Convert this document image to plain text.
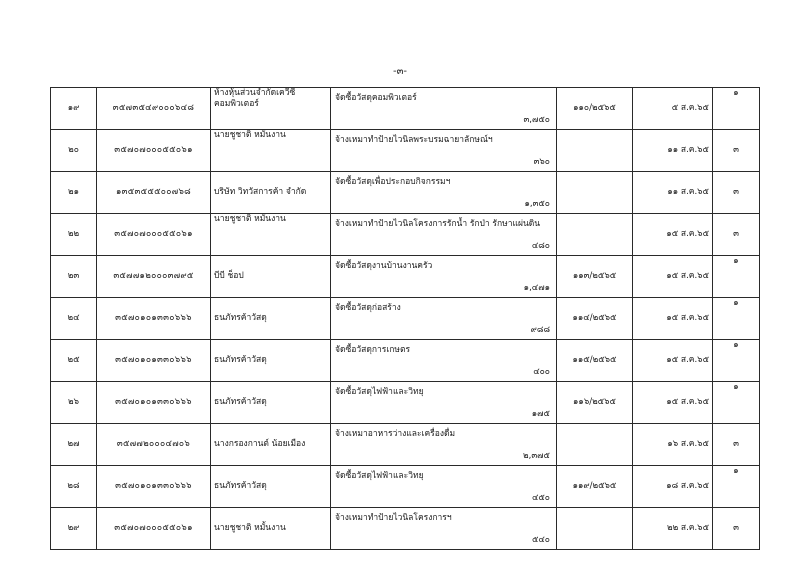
-๓-
๑๙	๓๕๗๓๕๔๙๐๐๐๖๔๘	ห้างหุ้นส่วนจำกัดเควีซี คอมพิวเตอร์	จัดซื้อวัสดุคอมพิวเตอร์
๓,๗๕๐	๑๑๐/๒๕๖๕	๕ ส.ค.๖๕	๑
๒๐	๓๕๗๐๗๐๐๐๕๕๐๖๑	นายชูชาติ หมั้นงาน	จ้างเหมาทำป้ายไวนิลพระบรมฉายาลักษณ์ฯ
๓๖๐		๑๑ ส.ค.๖๕	๓
๒๑	๑๓๕๓๕๕๕๐๐๗๖๘	บริษัท วิทวัสการค้า จำกัด	จัดซื้อวัสดุเพื่อประกอบกิจกรรมฯ
๑,๓๕๐		๑๑ ส.ค.๖๕	๓
๒๒	๓๕๗๐๗๐๐๐๕๕๐๖๑	นายชูชาติ หมั้นงาน	จ้างเหมาทำป้ายไวนิลโครงการรักน้ำ รักป่า รักษาแผ่นดิน
๔๘๐		๑๕ ส.ค.๖๕	๓
๒๓	๓๕๗๗๑๒๐๐๐๓๗๙๕	บีบี ช็อป	จัดซื้อวัสดุงานบ้านงานครัว
๑,๔๗๑	๑๑๓/๒๕๖๕	๑๕ ส.ค.๖๕	๑
๒๔	๓๕๗๐๑๐๑๓๓๐๖๖๖	ธนภัทรค้าวัสดุ	จัดซื้อวัสดุก่อสร้าง
๙๘๘	๑๑๔/๒๕๖๕	๑๕ ส.ค.๖๕	๑
๒๕	๓๕๗๐๑๐๑๓๓๐๖๖๖	ธนภัทรค้าวัสดุ	จัดซื้อวัสดุการเกษตร
๔๐๐	๑๑๕/๒๕๖๕	๑๕ ส.ค.๖๕	๑
๒๖	๓๕๗๐๑๐๑๓๓๐๖๖๖	ธนภัทรค้าวัสดุ	จัดซื้อวัสดุไฟฟ้าและวิทยุ
๑๗๕	๑๑๖/๒๕๖๕	๑๕ ส.ค.๖๕	๑
๒๗	๓๕๗๗๒๐๐๐๔๗๐๖	นางกรองกานต์ น้อยเมือง	จ้างเหมาอาหารว่างและเครื่องดื่ม
๒,๓๗๕		๑๖ ส.ค.๖๕	๓
๒๘	๓๕๗๐๑๐๑๓๓๐๖๖๖	ธนภัทรค้าวัสดุ	จัดซื้อวัสดุไฟฟ้าและวิทยุ
๔๕๐	๑๑๙/๒๕๖๕	๑๘ ส.ค.๖๕	๑
๒๙	๓๕๗๐๗๐๐๐๕๕๐๖๑	นายชูชาติ หมั้นงาน	จ้างเหมาทำป้ายไวนิลโครงการฯ
๕๔๐		๒๒ ส.ค.๖๕	๓
